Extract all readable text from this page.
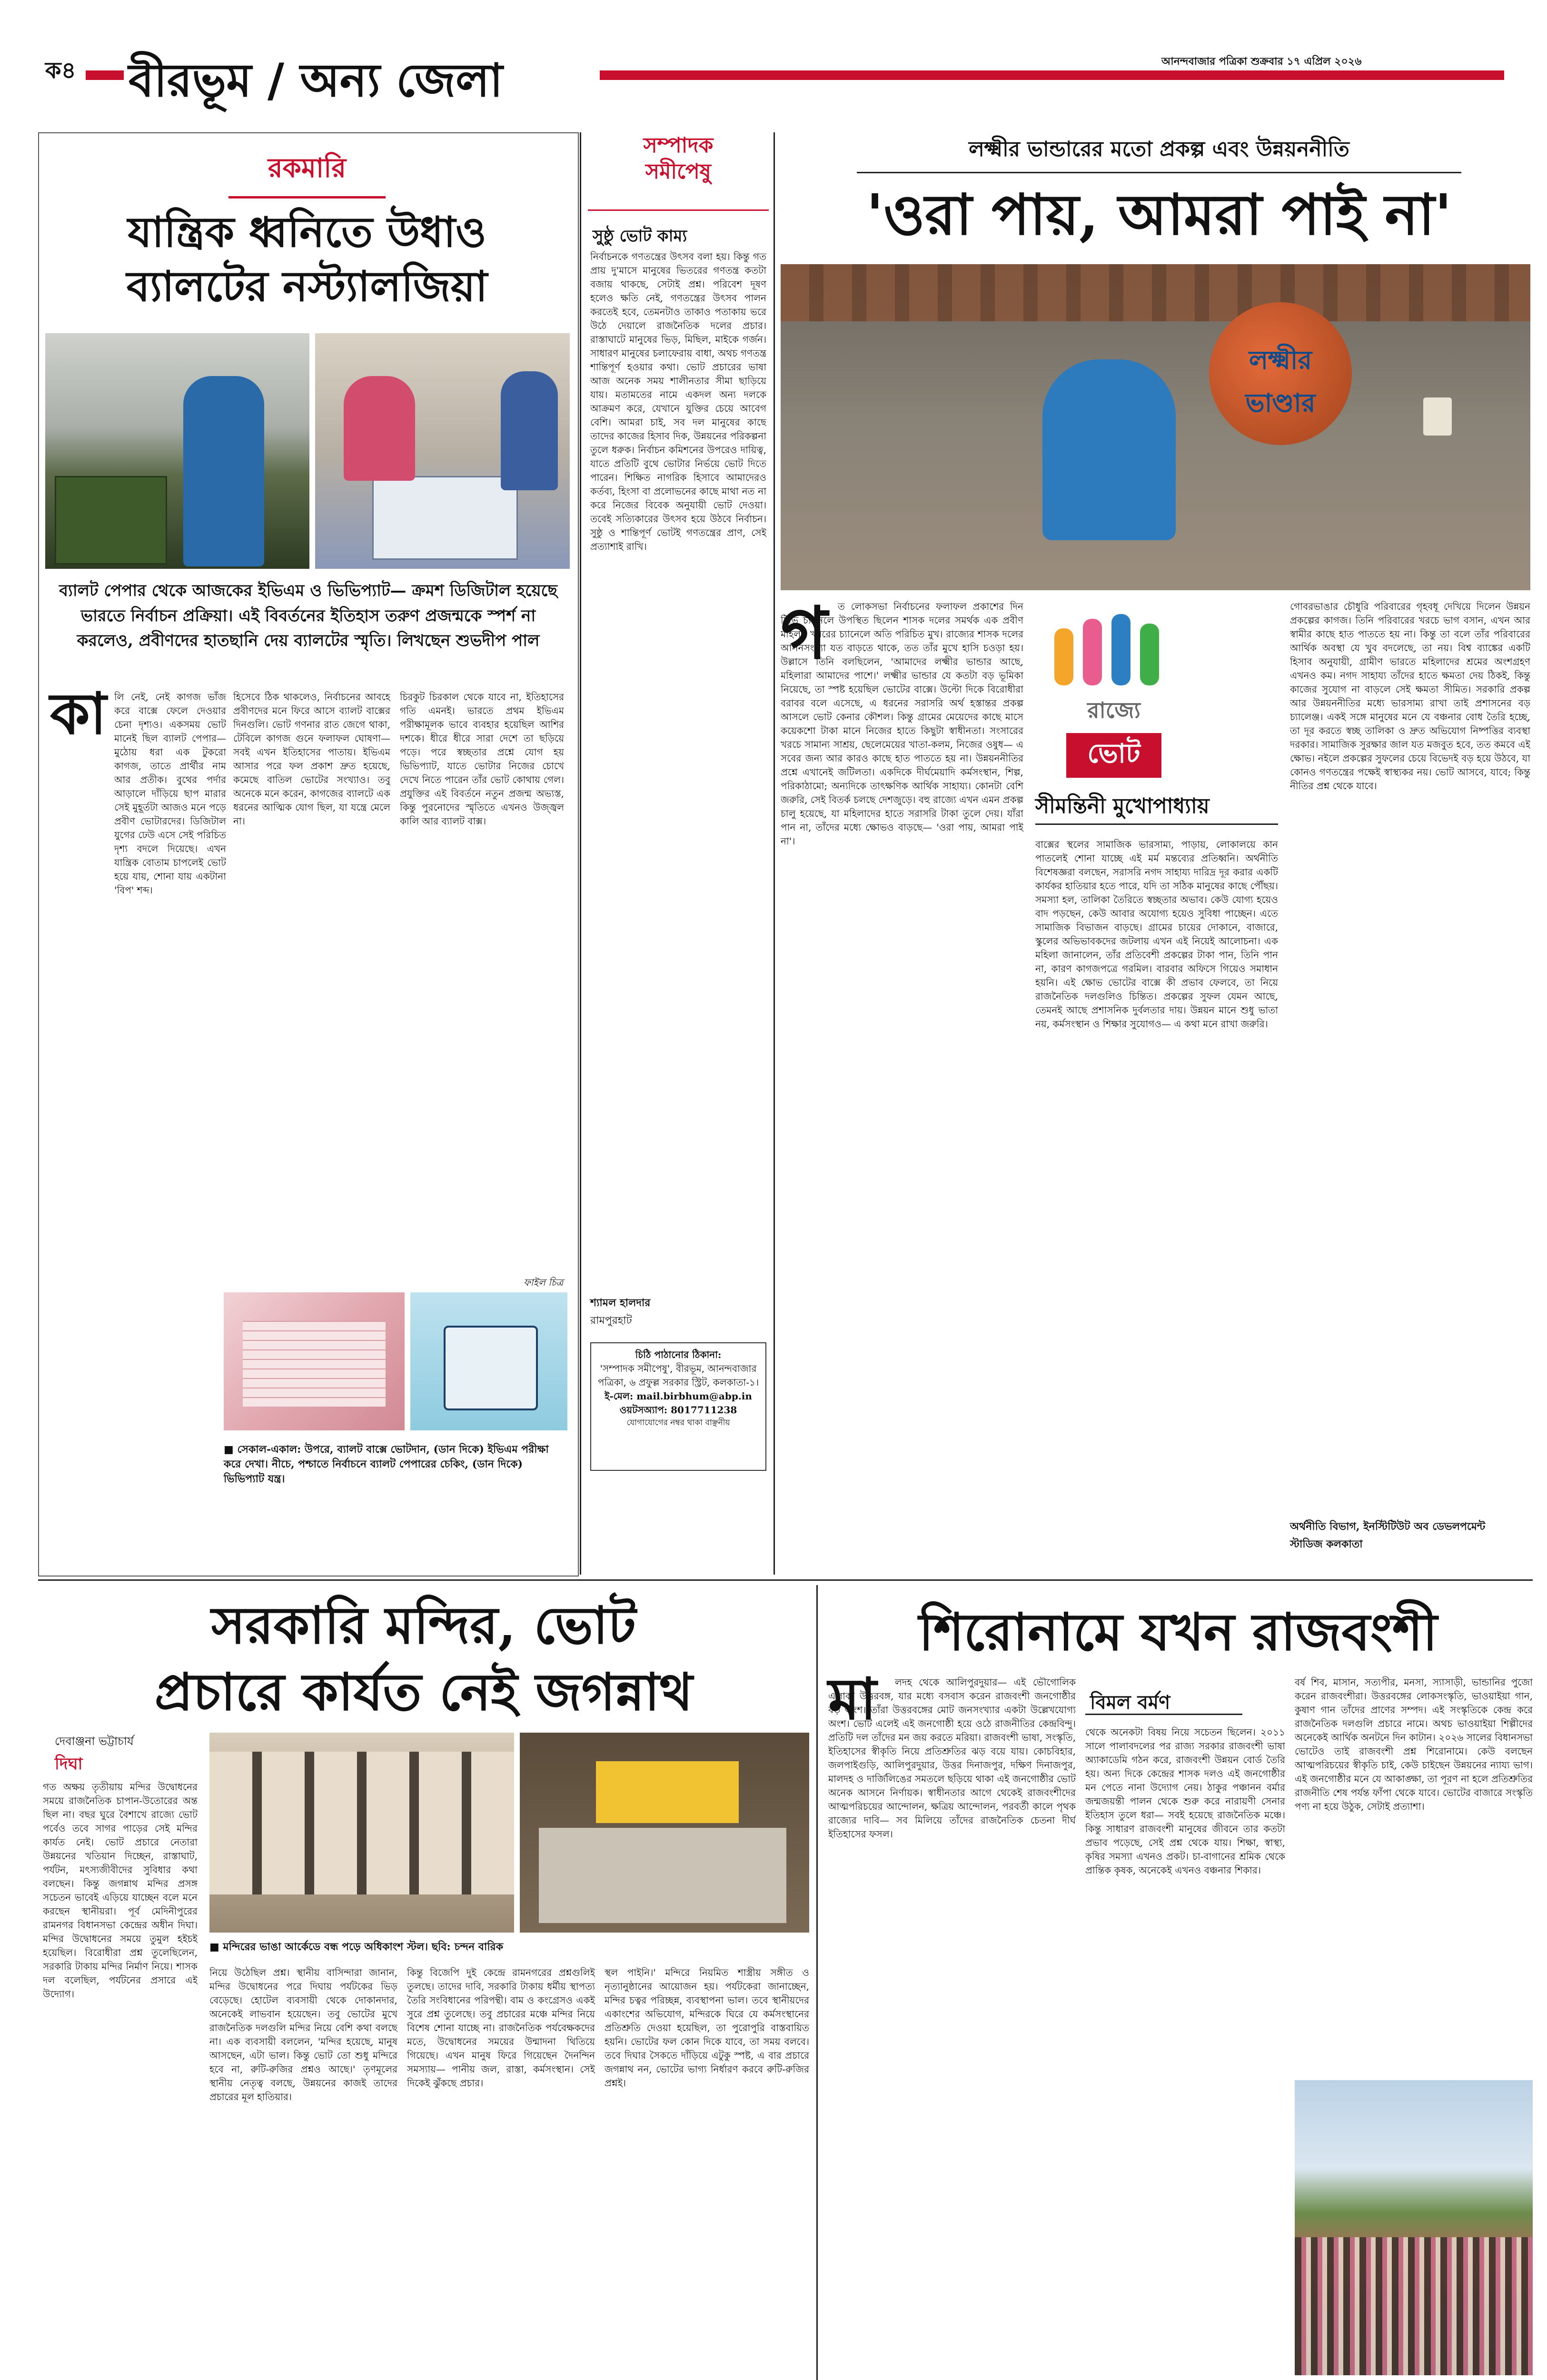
ক৪ বীরভূম / অন্য জেলা	আনন্দবাজার পত্রিকা শুক্রবার ১৭ এপ্রিল ২০২৬
রকমারি
যান্ত্রিক ধ্বনিতে উধাও
ব্যালটের নস্ট্যালজিয়া
ব্যালট পেপার থেকে আজকের ইভিএম ও ভিভিপ্যাট— ক্রমশ ডিজিটাল হয়েছে ভারতে নির্বাচন প্রক্রিয়া। এই বিবর্তনের ইতিহাস তরুণ প্রজন্মকে স্পর্শ না করলেও, প্রবীণদের হাতছানি দেয় ব্যালটের স্মৃতি। লিখছেন শুভদীপ পাল
কা লি নেই, নেই কাগজ ভাঁজ করে বাক্সে ফেলে দেওয়ার চেনা দৃশ্যও। একসময় ভোট মানেই ছিল ব্যালট পেপার— মুঠোয় ধরা এক টুকরো কাগজ, তাতে প্রার্থীর নাম আর প্রতীক। বুথের পর্দার আড়ালে দাঁড়িয়ে ছাপ মারার সেই মুহূর্তটা আজও মনে পড়ে প্রবীণ ভোটারদের। ডিজিটাল যুগের ঢেউ এসে সেই পরিচিত দৃশ্য বদলে দিয়েছে। এখন যান্ত্রিক বোতাম চাপলেই ভোট হয়ে যায়, শোনা যায় একটানা 'বিপ' শব্দ।
হিসেবে ঠিক থাকলেও, নির্বাচনের আবহে প্রবীণদের মনে ফিরে আসে ব্যালট বাক্সের দিনগুলি। ভোট গণনার রাত জেগে থাকা, টেবিলে কাগজ গুনে ফলাফল ঘোষণা— সবই এখন ইতিহাসের পাতায়। ইভিএম আসার পরে ফল প্রকাশ দ্রুত হয়েছে, কমেছে বাতিল ভোটের সংখ্যাও। তবু অনেকে মনে করেন, কাগজের ব্যালটে এক ধরনের আত্মিক যোগ ছিল, যা যন্ত্রে মেলে না।
চিরকুট চিরকাল থেকে যাবে না, ইতিহাসের গতি এমনই। ভারতে প্রথম ইভিএম পরীক্ষামূলক ভাবে ব্যবহার হয়েছিল আশির দশকে। ধীরে ধীরে সারা দেশে তা ছড়িয়ে পড়ে। পরে স্বচ্ছতার প্রশ্নে যোগ হয় ভিভিপ্যাট, যাতে ভোটার নিজের চোখে দেখে নিতে পারেন তাঁর ভোট কোথায় গেল। প্রযুক্তির এই বিবর্তনে নতুন প্রজন্ম অভ্যস্ত, কিন্তু পুরনোদের স্মৃতিতে এখনও উজ্জ্বল কালি আর ব্যালট বাক্স।
ফাইল চিত্র
■ সেকাল-একাল: উপরে, ব্যালট বাক্সে ভোটদান, (ডান দিকে) ইভিএম পরীক্ষা করে দেখা। নীচে, পশ্চাতে নির্বাচনে ব্যালট পেপারের চেকিং, (ডান দিকে) ভিভিপ্যাট যন্ত্র।
সম্পাদক
সমীপেষু
সুষ্ঠু ভোট কাম্য
নির্বাচনকে গণতন্ত্রের উৎসব বলা হয়। কিন্তু গত প্রায় দু'মাসে মানুষের ভিতরের গণতন্ত্র কতটা বজায় থাকছে, সেটাই প্রশ্ন। পরিবেশ দূষণ হলেও ক্ষতি নেই, গণতন্ত্রের উৎসব পালন করতেই হবে, তেমনটাও তাকাও পতাকায় ভরে উঠে দেয়ালে রাজনৈতিক দলের প্রচার। রাস্তাঘাটে মানুষের ভিড়, মিছিল, মাইকে গর্জন। সাধারণ মানুষের চলাফেরায় বাধা, অথচ গণতন্ত্র শান্তিপূর্ণ হওয়ার কথা। ভোট প্রচারের ভাষা আজ অনেক সময় শালীনতার সীমা ছাড়িয়ে যায়। মতামতের নামে একদল অন্য দলকে আক্রমণ করে, যেখানে যুক্তির চেয়ে আবেগ বেশি। আমরা চাই, সব দল মানুষের কাছে তাদের কাজের হিসাব দিক, উন্নয়নের পরিকল্পনা তুলে ধরুক। নির্বাচন কমিশনের উপরেও দায়িত্ব, যাতে প্রতিটি বুথে ভোটার নির্ভয়ে ভোট দিতে পারেন। শিক্ষিত নাগরিক হিসাবে আমাদেরও কর্তব্য, হিংসা বা প্রলোভনের কাছে মাথা নত না করে নিজের বিবেক অনুযায়ী ভোট দেওয়া। তবেই সত্যিকারের উৎসব হয়ে উঠবে নির্বাচন। সুষ্ঠু ও শান্তিপূর্ণ ভোটই গণতন্ত্রের প্রাণ, সেই প্রত্যাশাই রাখি।
শ্যামল হালদার
রামপুরহাট
চিঠি পাঠানোর ঠিকানা:
'সম্পাদক সমীপেষু', বীরভূম, আনন্দবাজার পত্রিকা, ৬ প্রফুল্ল সরকার স্ট্রিট, কলকাতা-১।
ই-মেল: mail.birbhum@abp.in
ওয়টসঅ্যাপ: 8017711238
যোগাযোগের নম্বর থাকা বাঞ্ছনীয়
লক্ষ্মীর ভান্ডারের মতো প্রকল্প এবং উন্নয়ননীতি
'ওরা পায়, আমরা পাই না'
লক্ষ্মীর
ভাণ্ডার
গ	ত লোকসভা নির্বাচনের ফলাফল প্রকাশের দিন টিভি চ্যানেলে উপস্থিত ছিলেন শাসক দলের সমর্থক এক প্রবীণ মহিলা। খবরের চ্যানেলে অতি পরিচিত মুখ। রাজ্যের শাসক দলের আসনসংখ্যা যত বাড়তে থাকে, তত তাঁর মুখে হাসি চওড়া হয়। উল্লাসে তিনি বলছিলেন, 'আমাদের লক্ষ্মীর ভান্ডার আছে, মহিলারা আমাদের পাশে।' লক্ষ্মীর ভান্ডার যে কতটা বড় ভূমিকা নিয়েছে, তা স্পষ্ট হয়েছিল ভোটের বাক্সে। উল্টো দিকে বিরোধীরা বরাবর বলে এসেছে, এ ধরনের সরাসরি অর্থ হস্তান্তর প্রকল্প আসলে ভোট কেনার কৌশল। কিন্তু গ্রামের মেয়েদের কাছে মাসে কয়েকশো টাকা মানে নিজের হাতে কিছুটা স্বাধীনতা। সংসারের খরচে সামান্য সাশ্রয়, ছেলেমেয়ের খাতা-কলম, নিজের ওষুধ— এ সবের জন্য আর কারও কাছে হাত পাততে হয় না। উন্নয়ননীতির প্রশ্নে এখানেই জটিলতা। একদিকে দীর্ঘমেয়াদি কর্মসংস্থান, শিল্প, পরিকাঠামো; অন্যদিকে তাৎক্ষণিক আর্থিক সাহায্য। কোনটা বেশি জরুরি, সেই বিতর্ক চলছে দেশজুড়ে। বহু রাজ্যে এখন এমন প্রকল্প চালু হয়েছে, যা মহিলাদের হাতে সরাসরি টাকা তুলে দেয়। যাঁরা পান না, তাঁদের মধ্যে ক্ষোভও বাড়ছে— 'ওরা পায়, আমরা পাই না'।
রাজ্যে
ভোট
সীমন্তিনী মুখোপাধ্যায়
বাক্সের স্থলের সামাজিক ভারসাম্য, পাড়ায়, লোকালয়ে কান পাতলেই শোনা যাচ্ছে এই মর্ম মন্তব্যের প্রতিধ্বনি। অর্থনীতি বিশেষজ্ঞরা বলছেন, সরাসরি নগদ সাহায্য দারিদ্র দূর করার একটি কার্যকর হাতিয়ার হতে পারে, যদি তা সঠিক মানুষের কাছে পৌঁছয়। সমস্যা হল, তালিকা তৈরিতে স্বচ্ছতার অভাব। কেউ যোগ্য হয়েও বাদ পড়ছেন, কেউ আবার অযোগ্য হয়েও সুবিধা পাচ্ছেন। এতে সামাজিক বিভাজন বাড়ছে। গ্রামের চায়ের দোকানে, বাজারে, স্কুলের অভিভাবকদের জটলায় এখন এই নিয়েই আলোচনা। এক মহিলা জানালেন, তাঁর প্রতিবেশী প্রকল্পের টাকা পান, তিনি পান না, কারণ কাগজপত্রে গরমিল। বারবার অফিসে গিয়েও সমাধান হয়নি। এই ক্ষোভ ভোটের বাক্সে কী প্রভাব ফেলবে, তা নিয়ে রাজনৈতিক দলগুলিও চিন্তিত। প্রকল্পের সুফল যেমন আছে, তেমনই আছে প্রশাসনিক দুর্বলতার দায়। উন্নয়ন মানে শুধু ভাতা নয়, কর্মসংস্থান ও শিক্ষার সুযোগও— এ কথা মনে রাখা জরুরি।
গোবরভাঙার চৌধুরি পরিবারের গৃহবধূ দেখিয়ে দিলেন উন্নয়ন প্রকল্পের কাগজ। তিনি পরিবারের খরচে ভাগ বসান, এখন আর স্বামীর কাছে হাত পাততে হয় না। কিন্তু তা বলে তাঁর পরিবারের আর্থিক অবস্থা যে খুব বদলেছে, তা নয়। বিশ্ব ব্যাঙ্কের একটি হিসাব অনুযায়ী, গ্রামীণ ভারতে মহিলাদের শ্রমের অংশগ্রহণ এখনও কম। নগদ সাহায্য তাঁদের হাতে ক্ষমতা দেয় ঠিকই, কিন্তু কাজের সুযোগ না বাড়লে সেই ক্ষমতা সীমিত। সরকারি প্রকল্প আর উন্নয়ননীতির মধ্যে ভারসাম্য রাখা তাই প্রশাসনের বড় চ্যালেঞ্জ। একই সঙ্গে মানুষের মনে যে বঞ্চনার বোধ তৈরি হচ্ছে, তা দূর করতে স্বচ্ছ তালিকা ও দ্রুত অভিযোগ নিষ্পত্তির ব্যবস্থা দরকার। সামাজিক সুরক্ষার জাল যত মজবুত হবে, তত কমবে এই ক্ষোভ। নইলে প্রকল্পের সুফলের চেয়ে বিভেদই বড় হয়ে উঠবে, যা কোনও গণতন্ত্রের পক্ষেই স্বাস্থ্যকর নয়। ভোট আসবে, যাবে; কিন্তু নীতির প্রশ্ন থেকে যাবে।
অর্থনীতি বিভাগ, ইনস্টিটিউট অব ডেভলপমেন্ট
স্টাডিজ কলকাতা
সরকারি মন্দির, ভোট
প্রচারে কার্যত নেই জগন্নাথ
দেবাঞ্জনা ভট্টাচার্য
দিঘা
গত অক্ষয় তৃতীয়ায় মন্দির উদ্বোধনের সময়ে রাজনৈতিক চাপান-উতোরের অন্ত ছিল না। বছর ঘুরে বৈশাখে রাজ্যে ভোট পর্বেও তবে সাগর পাড়ের সেই মন্দির কার্যত নেই। ভোট প্রচারে নেতারা উন্নয়নের খতিয়ান দিচ্ছেন, রাস্তাঘাট, পর্যটন, মৎস্যজীবীদের সুবিধার কথা বলছেন। কিন্তু জগন্নাথ মন্দির প্রসঙ্গ সচেতন ভাবেই এড়িয়ে যাচ্ছেন বলে মনে করছেন স্থানীয়রা। পূর্ব মেদিনীপুরের রামনগর বিধানসভা কেন্দ্রের অধীন দিঘা। মন্দির উদ্বোধনের সময়ে তুমুল হইচই হয়েছিল। বিরোধীরা প্রশ্ন তুলেছিলেন, সরকারি টাকায় মন্দির নির্মাণ নিয়ে। শাসক দল বলেছিল, পর্যটনের প্রসারে এই উদ্যোগ।
■ মন্দিরের ভাঙা আর্কেডে বন্ধ পড়ে অধিকাংশ স্টল। ছবি: চন্দন বারিক
নিয়ে উঠেছিল প্রশ্ন। স্থানীয় বাসিন্দারা জানান, মন্দির উদ্বোধনের পরে দিঘায় পর্যটকের ভিড় বেড়েছে। হোটেল ব্যবসায়ী থেকে দোকানদার, অনেকেই লাভবান হয়েছেন। তবু ভোটের মুখে রাজনৈতিক দলগুলি মন্দির নিয়ে বেশি কথা বলছে না। এক ব্যবসায়ী বললেন, 'মন্দির হয়েছে, মানুষ আসছেন, এটা ভাল। কিন্তু ভোট তো শুধু মন্দিরে হবে না, রুটি-রুজির প্রশ্নও আছে।' তৃণমূলের স্থানীয় নেতৃত্ব বলছে, উন্নয়নের কাজই তাদের প্রচারের মূল হাতিয়ার।
কিন্তু বিজেপি দুই কেন্দ্রে রামনগরের প্রশ্নগুলিই তুলছে। তাদের দাবি, সরকারি টাকায় ধর্মীয় স্থাপত্য তৈরি সংবিধানের পরিপন্থী। বাম ও কংগ্রেসও একই সুরে প্রশ্ন তুলেছে। তবু প্রচারের মঞ্চে মন্দির নিয়ে বিশেষ শোনা যাচ্ছে না। রাজনৈতিক পর্যবেক্ষকদের মতে, উদ্বোধনের সময়ের উন্মাদনা থিতিয়ে গিয়েছে। এখন মানুষ ফিরে গিয়েছেন দৈনন্দিন সমস্যায়— পানীয় জল, রাস্তা, কর্মসংস্থান। সেই দিকেই ঝুঁকছে প্রচার।
স্থল পাইনি।' মন্দিরে নিয়মিত শাস্ত্রীয় সঙ্গীত ও নৃত্যানুষ্ঠানের আয়োজন হয়। পর্যটকেরা জানাচ্ছেন, মন্দির চত্বর পরিচ্ছন্ন, ব্যবস্থাপনা ভাল। তবে স্থানীয়দের একাংশের অভিযোগ, মন্দিরকে ঘিরে যে কর্মসংস্থানের প্রতিশ্রুতি দেওয়া হয়েছিল, তা পুরোপুরি বাস্তবায়িত হয়নি। ভোটের ফল কোন দিকে যাবে, তা সময় বলবে। তবে দিঘার সৈকতে দাঁড়িয়ে এটুকু স্পষ্ট, এ বার প্রচারে জগন্নাথ নন, ভোটের ভাগ্য নির্ধারণ করবে রুটি-রুজির প্রশ্নই।
শিরোনামে যখন রাজবংশী
মা	বিমল বর্মণ
লদহ থেকে আলিপুরদুয়ার— এই ভৌগোলিক এলাকা উত্তরবঙ্গ, যার মধ্যে বসবাস করেন রাজবংশী জনগোষ্ঠীর বড় অংশ। তাঁরা উত্তরবঙ্গের মোট জনসংখ্যার একটা উল্লেখযোগ্য অংশ। ভোট এলেই এই জনগোষ্ঠী হয়ে ওঠে রাজনীতির কেন্দ্রবিন্দু। প্রতিটি দল তাঁদের মন জয় করতে মরিয়া। রাজবংশী ভাষা, সংস্কৃতি, ইতিহাসের স্বীকৃতি নিয়ে প্রতিশ্রুতির ঝড় বয়ে যায়। কোচবিহার, জলপাইগুড়ি, আলিপুরদুয়ার, উত্তর দিনাজপুর, দক্ষিণ দিনাজপুর, মালদহ ও দার্জিলিঙের সমতলে ছড়িয়ে থাকা এই জনগোষ্ঠীর ভোট অনেক আসনে নির্ণায়ক। স্বাধীনতার আগে থেকেই রাজবংশীদের আত্মপরিচয়ের আন্দোলন, ক্ষত্রিয় আন্দোলন, পরবর্তী কালে পৃথক রাজ্যের দাবি— সব মিলিয়ে তাঁদের রাজনৈতিক চেতনা দীর্ঘ ইতিহাসের ফসল।
থেকে অনেকটা বিষয় নিয়ে সচেতন ছিলেন। ২০১১ সালে পালাবদলের পর রাজ্য সরকার রাজবংশী ভাষা অ্যাকাডেমি গঠন করে, রাজবংশী উন্নয়ন বোর্ড তৈরি হয়। অন্য দিকে কেন্দ্রের শাসক দলও এই জনগোষ্ঠীর মন পেতে নানা উদ্যোগ নেয়। ঠাকুর পঞ্চানন বর্মার জন্মজয়ন্তী পালন থেকে শুরু করে নারায়ণী সেনার ইতিহাস তুলে ধরা— সবই হয়েছে রাজনৈতিক মঞ্চে। কিন্তু সাধারণ রাজবংশী মানুষের জীবনে তার কতটা প্রভাব পড়েছে, সেই প্রশ্ন থেকে যায়। শিক্ষা, স্বাস্থ্য, কৃষির সমস্যা এখনও প্রকট। চা-বাগানের শ্রমিক থেকে প্রান্তিক কৃষক, অনেকেই এখনও বঞ্চনার শিকার।
বর্ষ শিব, মাসান, সত্যপীর, মনসা, স্যাসাড়ী, ভান্ডানির পুজো করেন রাজবংশীরা। উত্তরবঙ্গের লোকসংস্কৃতি, ভাওয়াইয়া গান, কুষাণ গান তাঁদের প্রাণের সম্পদ। এই সংস্কৃতিকে কেন্দ্র করে রাজনৈতিক দলগুলি প্রচারে নামে। অথচ ভাওয়াইয়া শিল্পীদের অনেকেই আর্থিক অনটনে দিন কাটান। ২০২৬ সালের বিধানসভা ভোটেও তাই রাজবংশী প্রশ্ন শিরোনামে। কেউ বলছেন আত্মপরিচয়ের স্বীকৃতি চাই, কেউ চাইছেন উন্নয়নের ন্যায্য ভাগ। এই জনগোষ্ঠীর মনে যে আকাঙ্ক্ষা, তা পূরণ না হলে প্রতিশ্রুতির রাজনীতি শেষ পর্যন্ত ফাঁপা থেকে যাবে। ভোটের বাজারে সংস্কৃতি পণ্য না হয়ে উঠুক, সেটাই প্রত্যাশা।
